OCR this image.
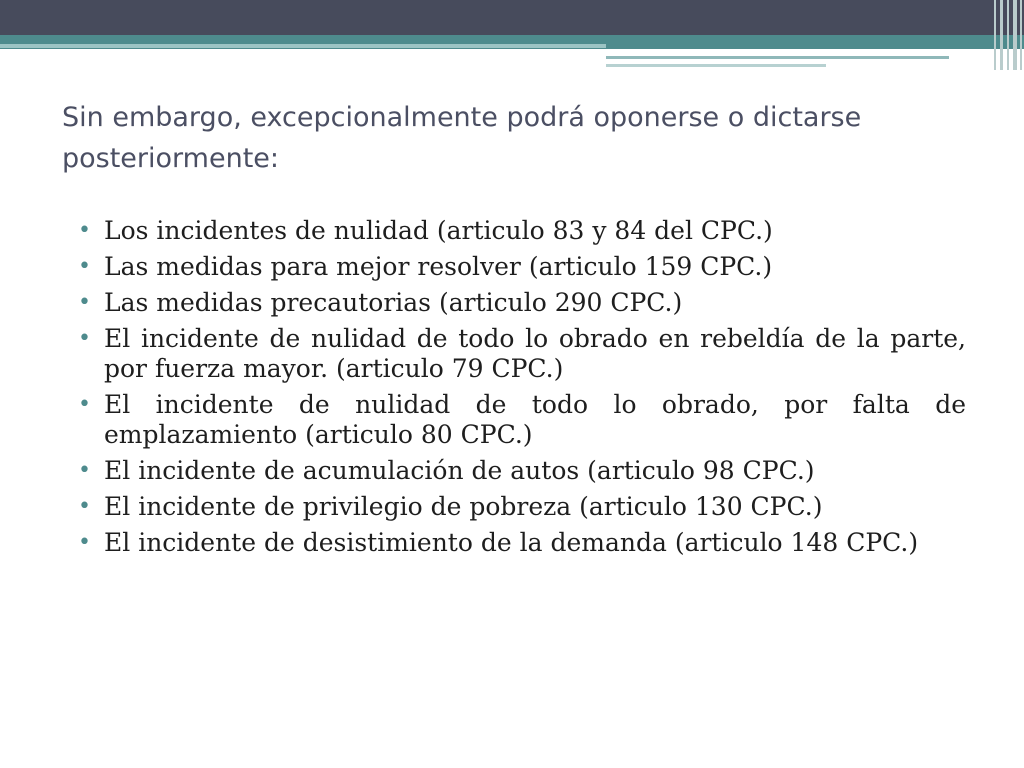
Sin embargo, excepcionalmente podrá oponerse o dictarse posteriormente:
• Los incidentes de nulidad (articulo 83 y 84 del CPC.)
• Las medidas para mejor resolver (articulo 159 CPC.)
• Las medidas precautorias (articulo 290 CPC.)
• El incidente de nulidad de todo lo obrado en rebeldía de la parte, por fuerza mayor. (articulo 79 CPC.)
• El incidente de nulidad de todo lo obrado, por falta de emplazamiento (articulo 80 CPC.)
• El incidente de acumulación de autos (articulo 98 CPC.)
• El incidente de privilegio de pobreza (articulo 130 CPC.)
• El incidente de desistimiento de la demanda (articulo 148 CPC.)
